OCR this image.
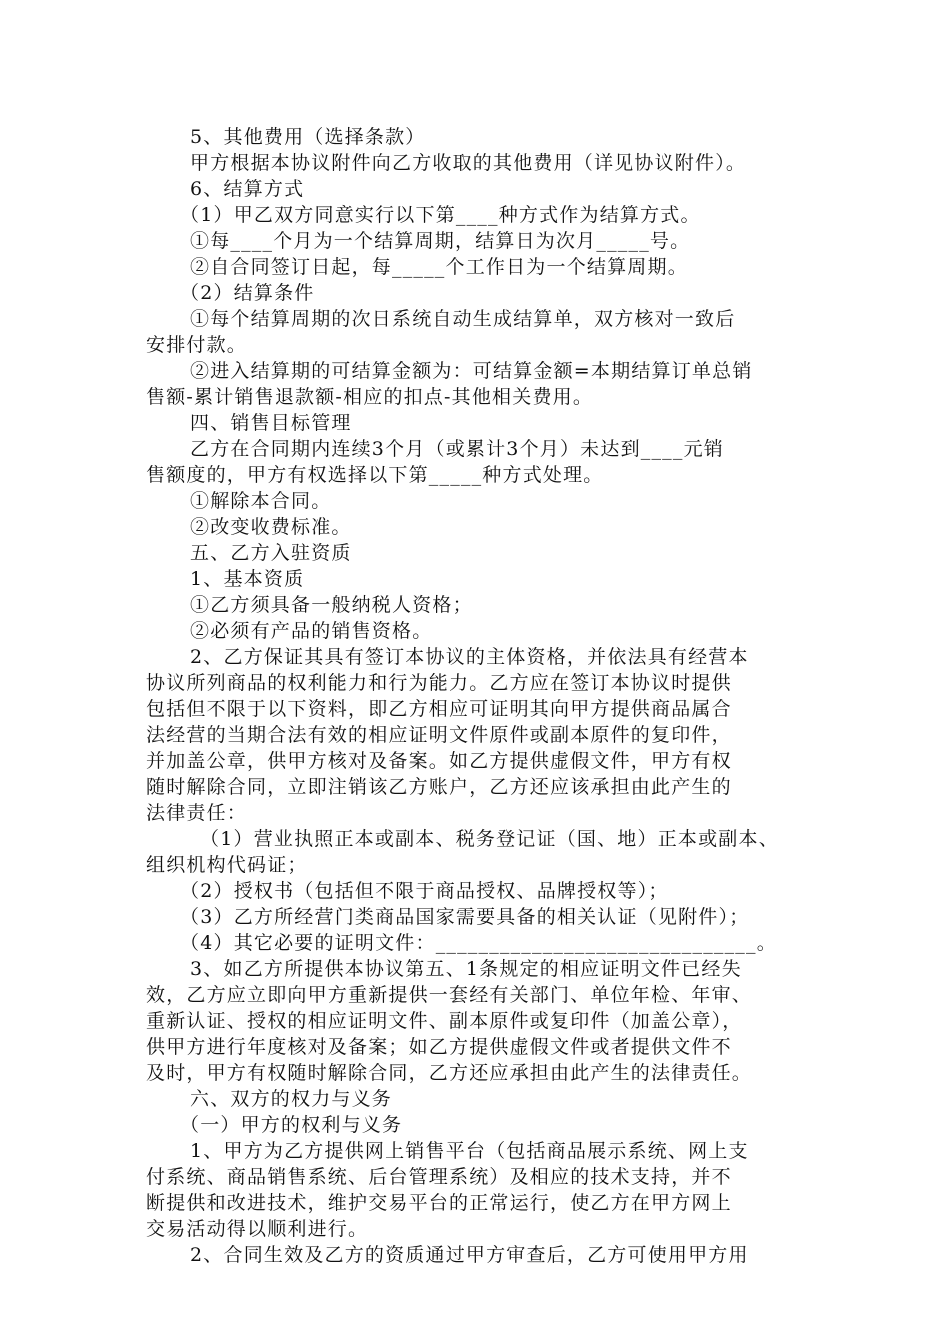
5、其他费用（选择条款）
甲方根据本协议附件向乙方收取的其他费用（详见协议附件）。
6、结算方式
（1）甲乙双方同意实行以下第____种方式作为结算方式。
①每____个月为一个结算周期，结算日为次月_____号。
②自合同签订日起，每_____个工作日为一个结算周期。
（2）结算条件
①每个结算周期的次日系统自动生成结算单，双方核对一致后
安排付款。
②进入结算期的可结算金额为：可结算金额=本期结算订单总销
售额-累计销售退款额-相应的扣点-其他相关费用。
四、销售目标管理
乙方在合同期内连续3个月（或累计3个月）未达到____元销
售额度的，甲方有权选择以下第_____种方式处理。
①解除本合同。
②改变收费标准。
五、乙方入驻资质
1、基本资质
①乙方须具备一般纳税人资格；
②必须有产品的销售资格。
2、乙方保证其具有签订本协议的主体资格，并依法具有经营本
协议所列商品的权利能力和行为能力。乙方应在签订本协议时提供
包括但不限于以下资料，即乙方相应可证明其向甲方提供商品属合
法经营的当期合法有效的相应证明文件原件或副本原件的复印件，
并加盖公章，供甲方核对及备案。如乙方提供虚假文件，甲方有权
随时解除合同，立即注销该乙方账户，乙方还应该承担由此产生的
法律责任：
（1）营业执照正本或副本、税务登记证（国、地）正本或副本、
组织机构代码证；
（2）授权书（包括但不限于商品授权、品牌授权等）；
（3）乙方所经营门类商品国家需要具备的相关认证（见附件）；
（4）其它必要的证明文件：______________________________。
3、如乙方所提供本协议第五、1条规定的相应证明文件已经失
效，乙方应立即向甲方重新提供一套经有关部门、单位年检、年审、
重新认证、授权的相应证明文件、副本原件或复印件（加盖公章），
供甲方进行年度核对及备案；如乙方提供虚假文件或者提供文件不
及时，甲方有权随时解除合同，乙方还应承担由此产生的法律责任。
六、双方的权力与义务
（一）甲方的权利与义务
1、甲方为乙方提供网上销售平台（包括商品展示系统、网上支
付系统、商品销售系统、后台管理系统）及相应的技术支持，并不
断提供和改进技术，维护交易平台的正常运行，使乙方在甲方网上
交易活动得以顺利进行。
2、合同生效及乙方的资质通过甲方审查后，乙方可使用甲方用
